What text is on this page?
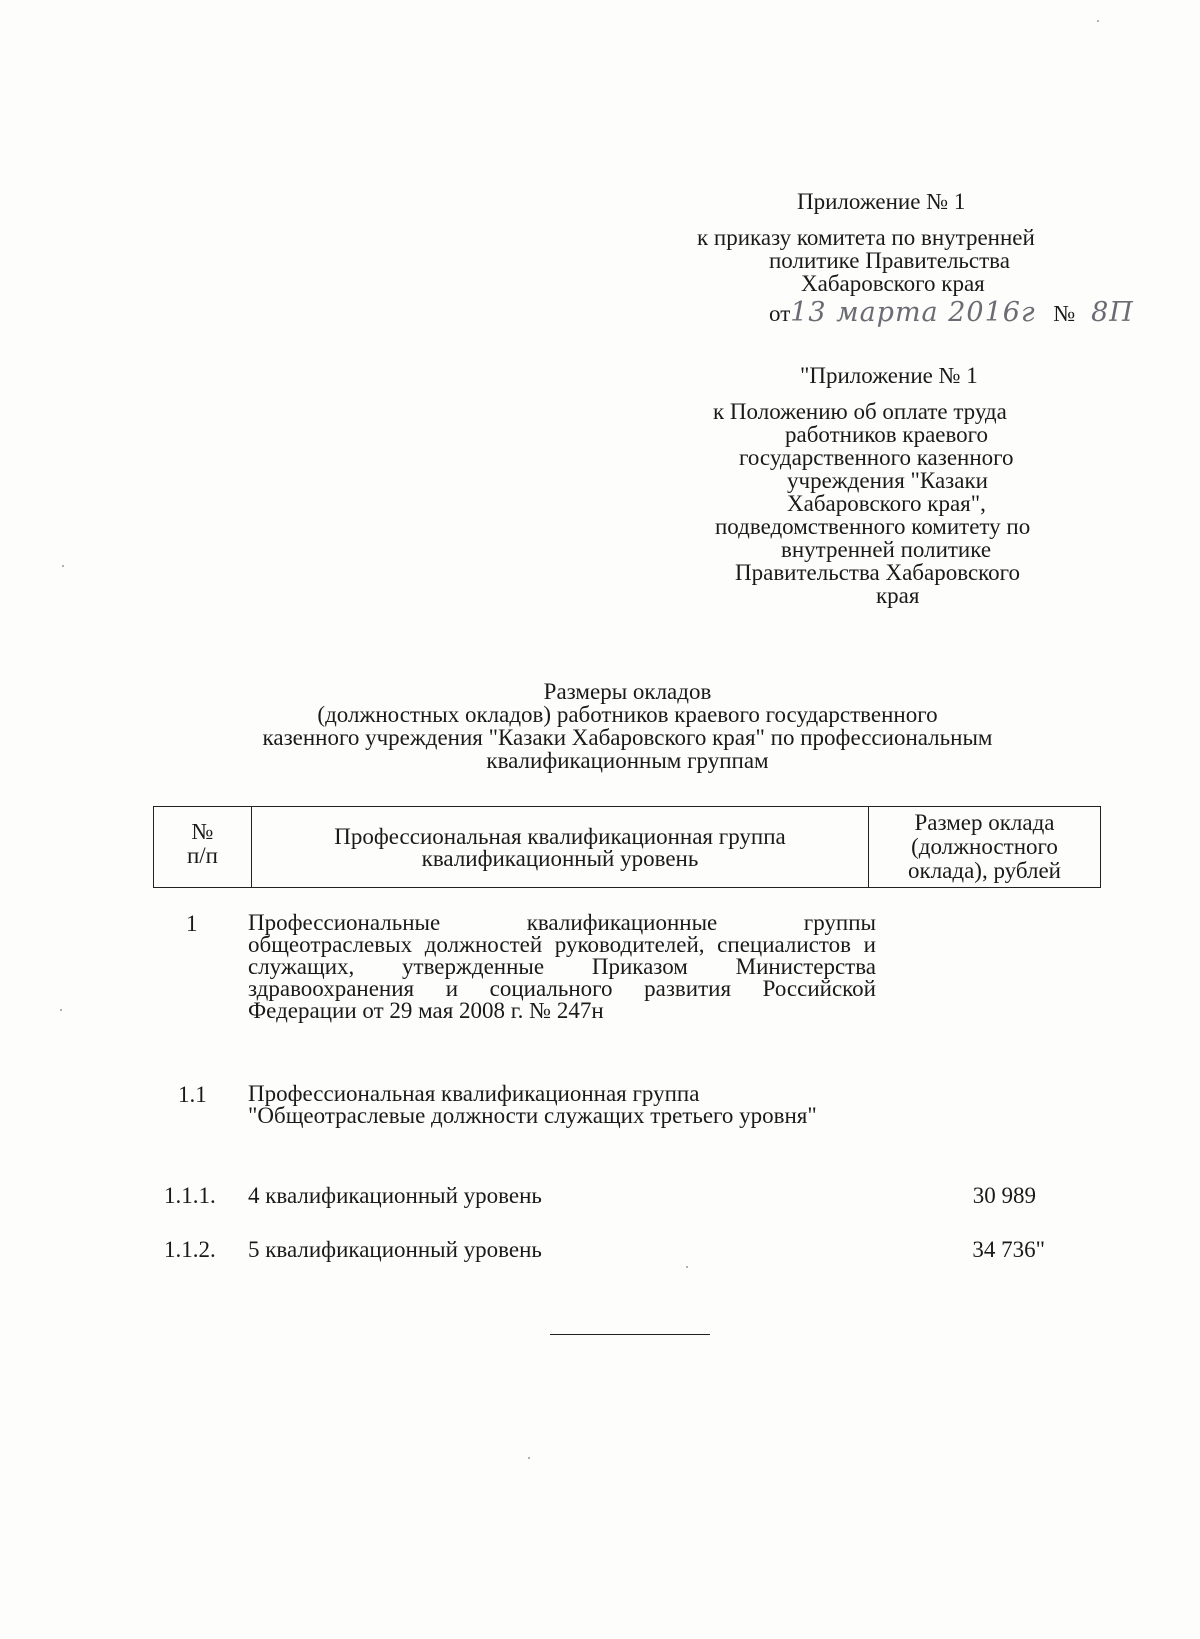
Приложение № 1
к приказу комитета по внутренней
политике Правительства
Хабаровского края
от13 марта 2016г № 8П
"Приложение № 1
к Положению об оплате труда
работников краевого
государственного казенного
учреждения "Казаки
Хабаровского края",
подведомственного комитету по
внутренней политике
Правительства Хабаровского
края
Размеры окладов
(должностных окладов) работников краевого государственного
казенного учреждения "Казаки Хабаровского края" по профессиональным
квалификационным группам
№
п/п
Профессиональная квалификационная группа
квалификационный уровень
Размер оклада
(должностного
оклада), рублей
1 Профессиональные квалификационные группы общеотраслевых должностей руководителей, специалистов и служащих, утвержденные Приказом Министерства здравоохранения и социального развития Российской Федерации от 29 мая 2008 г. № 247н
1.1 Профессиональная квалификационная группа "Общеотраслевые должности служащих третьего уровня"
1.1.1. 4 квалификационный уровень	30 989
1.1.2. 5 квалификационный уровень	34 736"
